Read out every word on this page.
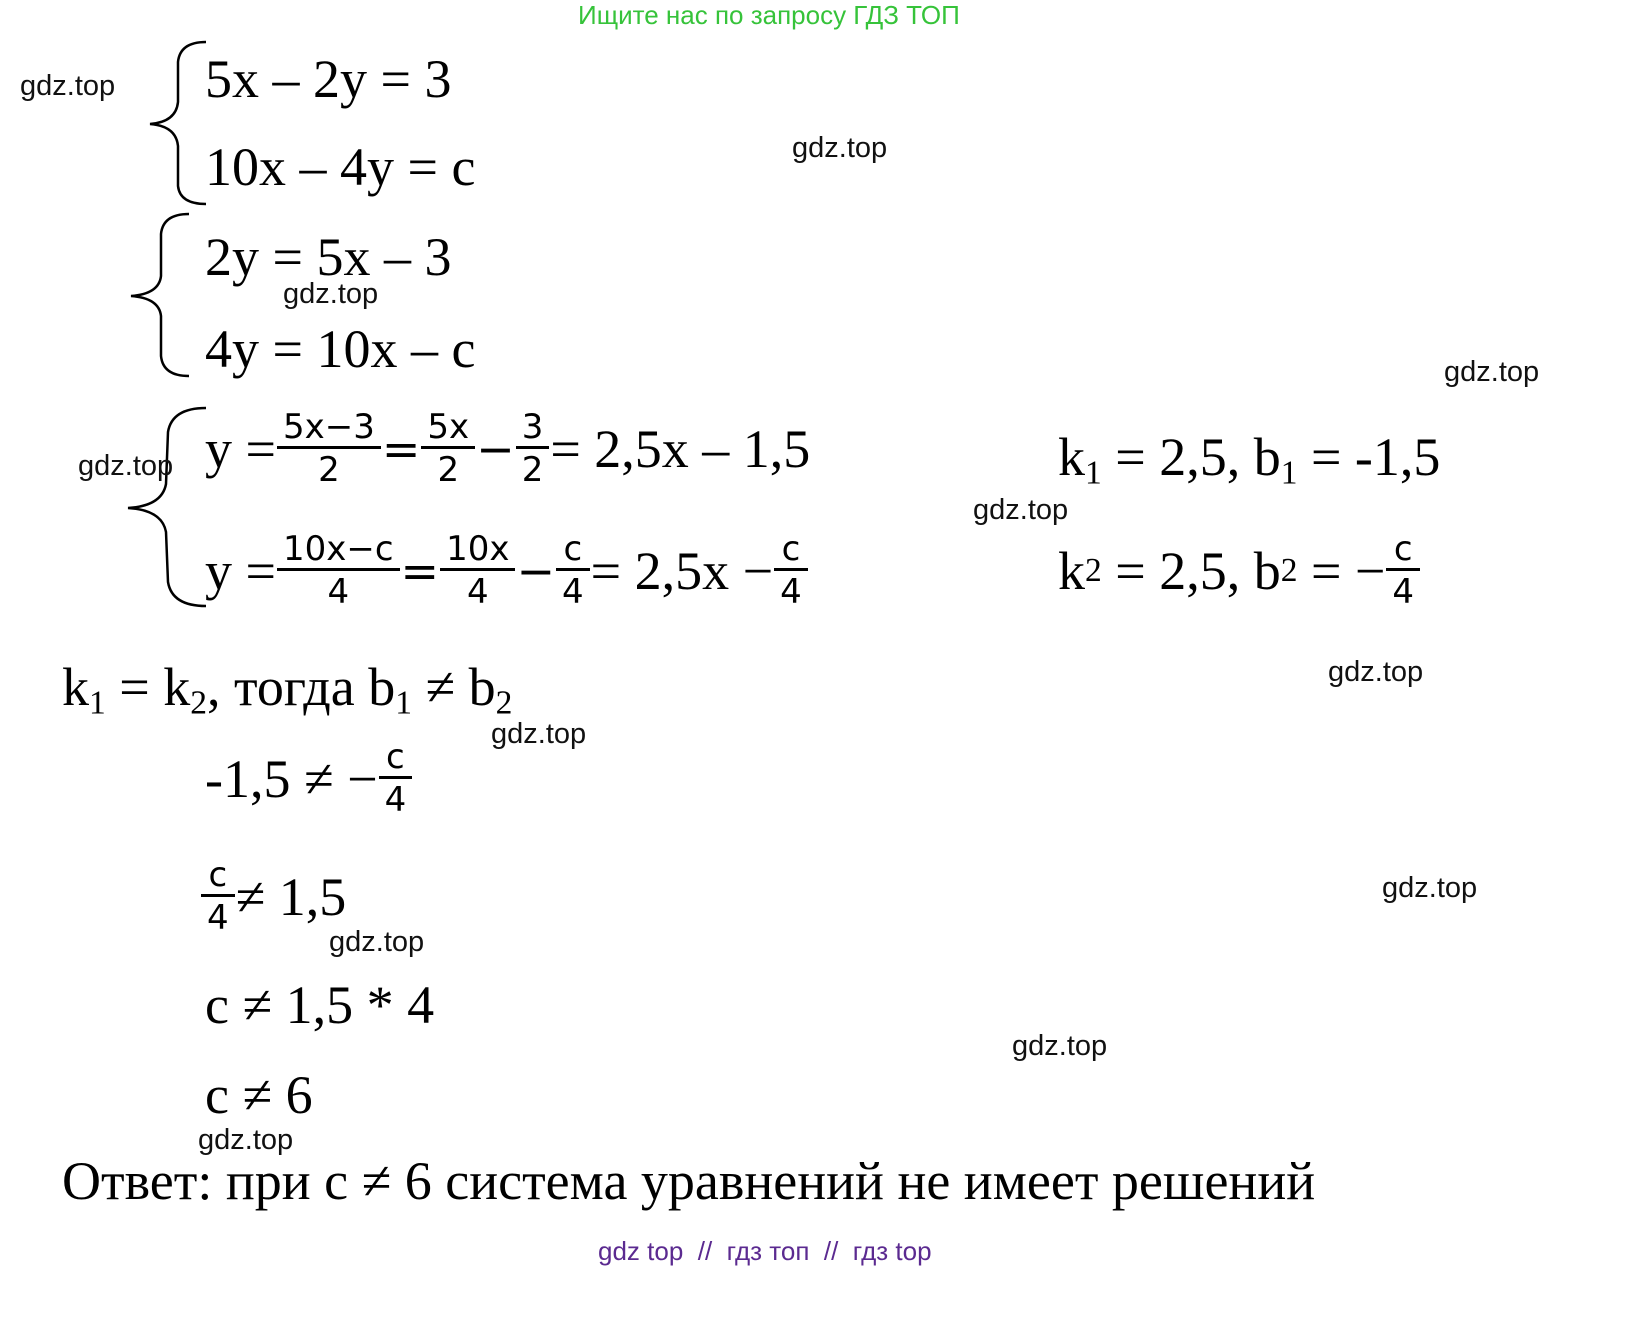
Ищите нас по запросу ГДЗ ТОП
5x – 2y = 3
10x – 4y = c
2y = 5x – 3
4y = 10x – c
$y = \frac{5x-3}{2} = \frac{5x}{2} - \frac{3}{2} = 2,5x - 1,5$
$y = \frac{10x-c}{4} = \frac{10x}{4} - \frac{c}{4} = 2,5x - \frac{c}{4}$
$k_1 = 2,5$, $b_1 = -1,5$
k 2 = 2,5, b 2 = − $\frac{c}{4}$
$k_1 = k_2$, тогда $b_1 \ne b_2$
-1,5 ≠ − $\frac{c}{4}$
$\frac{c}{4} \ne 1,5$
c ≠ 1,5 * 4
c ≠ 6
Ответ: при c ≠ 6 система уравнений не имеет решений
gdz top  //  гдз топ  //  гдз top
gdz.top
gdz.top
gdz.top
gdz.top
gdz.top
gdz.top
gdz.top
gdz.top
gdz.top
gdz.top
gdz.top
gdz.top
